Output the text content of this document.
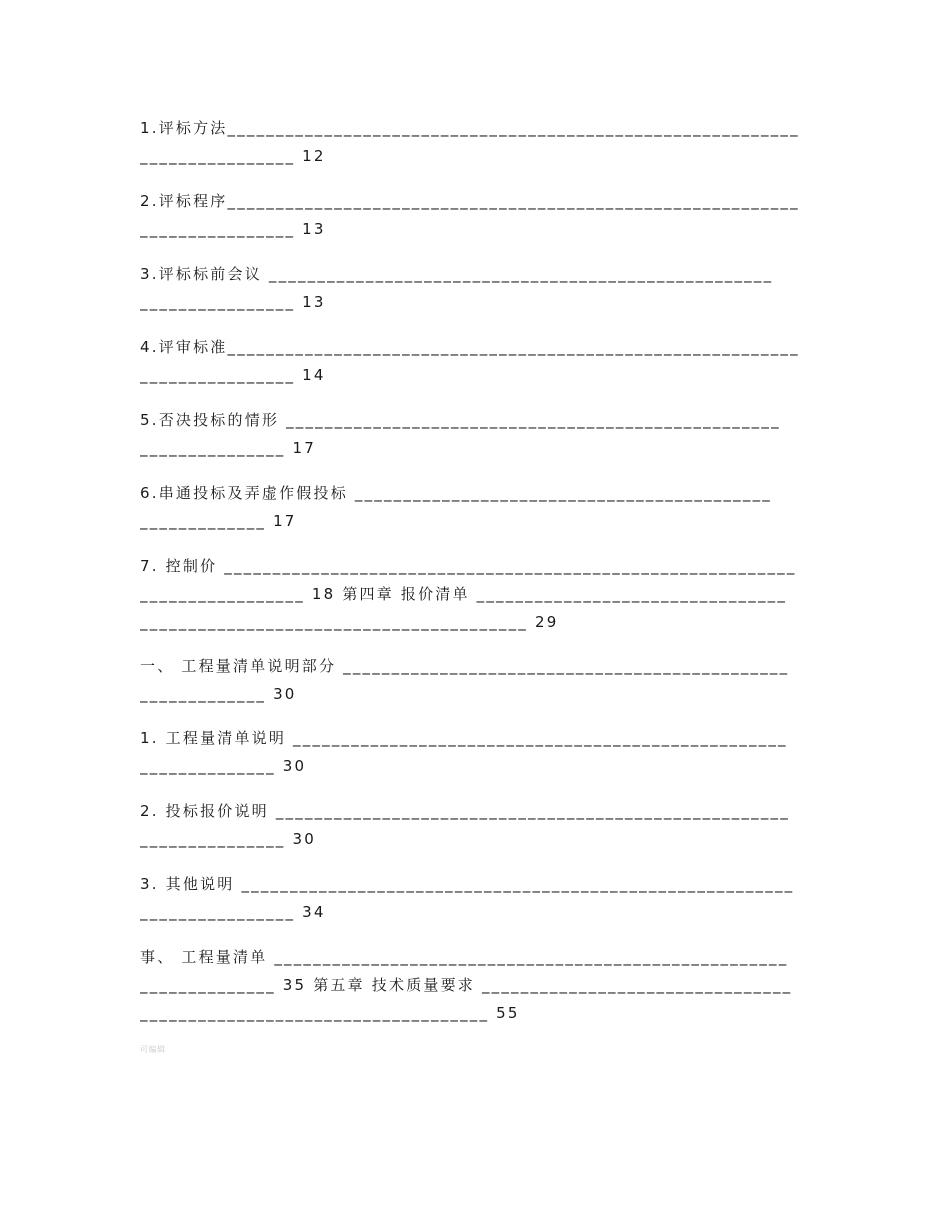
1.评标方法___________________________________________________________
________________ 12
2.评标程序___________________________________________________________
________________ 13
3.评标标前会议 ____________________________________________________
________________ 13
4.评审标准___________________________________________________________
________________ 14
5.否决投标的情形 ___________________________________________________
_______________ 17
6.串通投标及弄虚作假投标 ___________________________________________
_____________ 17
7. 控制价 ___________________________________________________________
_________________ 18 第四章 报价清单 ________________________________
________________________________________ 29
一、 工程量清单说明部分 ______________________________________________
_____________ 30
1. 工程量清单说明 ___________________________________________________
______________ 30
2. 投标报价说明 _____________________________________________________
_______________ 30
3. 其他说明 _________________________________________________________
________________ 34
事、 工程量清单 _____________________________________________________
______________ 35 第五章 技术质量要求 ________________________________
____________________________________ 55
可编辑
